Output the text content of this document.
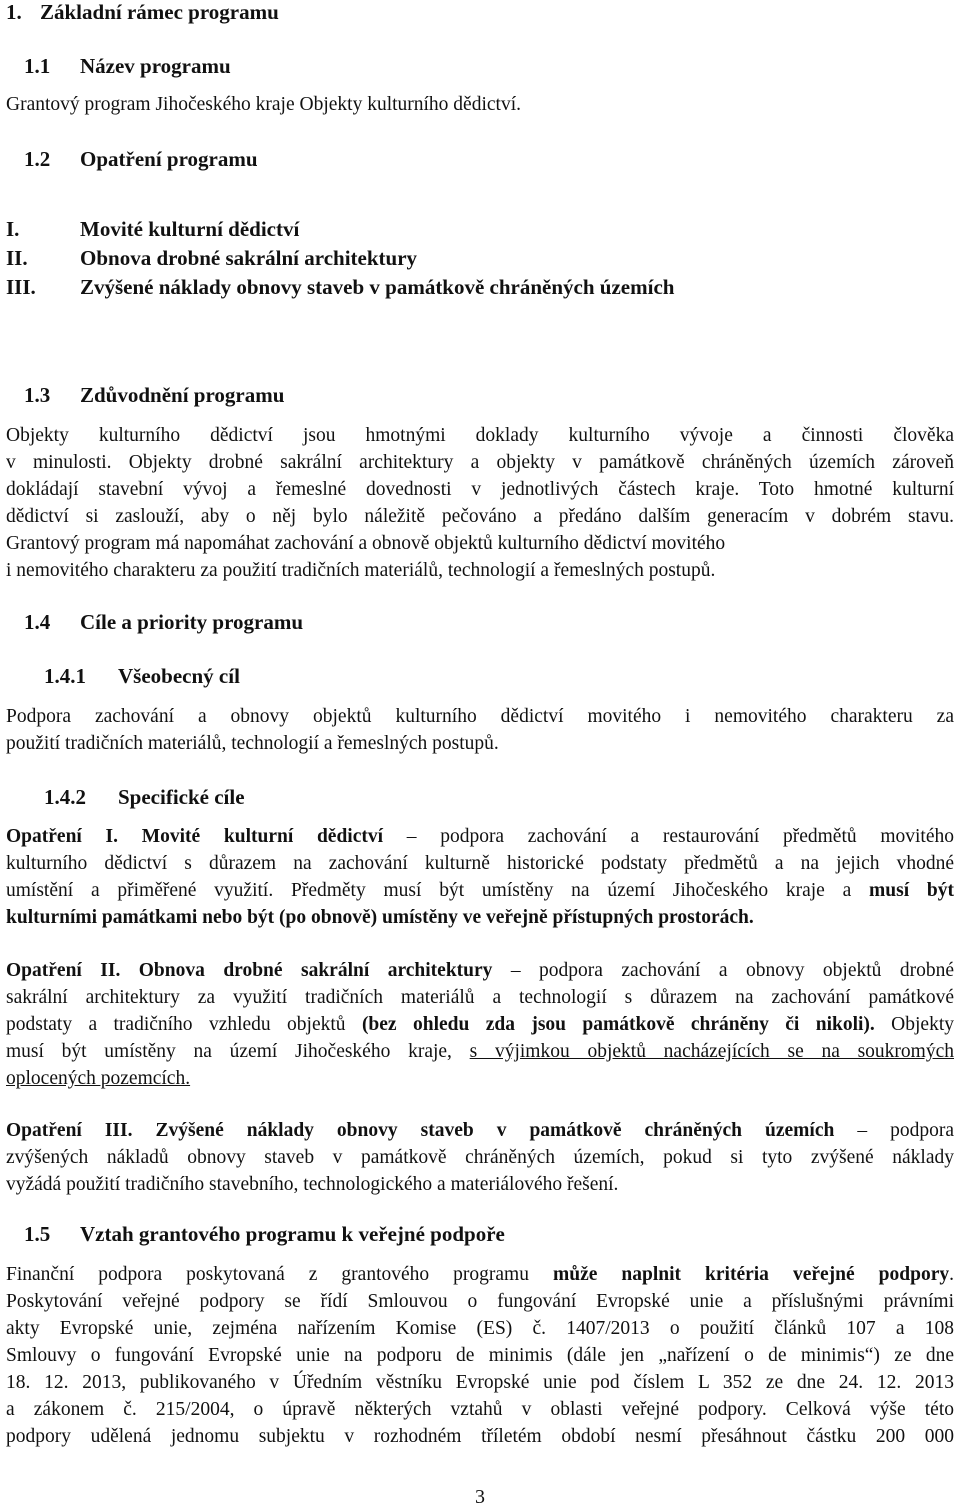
1. Základní rámec programu
1.1 Název programu
Grantový program Jihočeského kraje Objekty kulturního dědictví.
1.2 Opatření programu
I.	Movité kulturní dědictví
II. Obnova drobné sakrální architektury
III. Zvýšené náklady obnovy staveb v památkově chráněných územích
1.3 Zdůvodnění programu
Objekty kulturního dědictví jsou hmotnými doklady kulturního vývoje a činnosti člověka
v minulosti. Objekty drobné sakrální architektury a objekty v památkově chráněných územích zároveň
dokládají stavební vývoj a řemeslné dovednosti v jednotlivých částech kraje. Toto hmotné kulturní
dědictví si zaslouží, aby o něj bylo náležitě pečováno a předáno dalším generacím v dobrém stavu.
Grantový program má napomáhat zachování a obnově objektů kulturního dědictví movitého
i nemovitého charakteru za použití tradičních materiálů, technologií a řemeslných postupů.
1.4 Cíle a priority programu
1.4.1 Všeobecný cíl
Podpora zachování a obnovy objektů kulturního dědictví movitého i nemovitého charakteru za
použití tradičních materiálů, technologií a řemeslných postupů.
1.4.2 Specifické cíle
Opatření I. Movité kulturní dědictví – podpora zachování a restaurování předmětů movitého
kulturního dědictví s důrazem na zachování kulturně historické podstaty předmětů a na jejich vhodné
umístění a přiměřené využití. Předměty musí být umístěny na území Jihočeského kraje a musí být
kulturními památkami nebo být (po obnově) umístěny ve veřejně přístupných prostorách.
Opatření II. Obnova drobné sakrální architektury – podpora zachování a obnovy objektů drobné
sakrální architektury za využití tradičních materiálů a technologií s důrazem na zachování památkové
podstaty a tradičního vzhledu objektů (bez ohledu zda jsou památkově chráněny či nikoli). Objekty
musí být umístěny na území Jihočeského kraje, s výjimkou objektů nacházejících se na soukromých
oplocených pozemcích.
Opatření III. Zvýšené náklady obnovy staveb v památkově chráněných územích – podpora
zvýšených nákladů obnovy staveb v památkově chráněných územích, pokud si tyto zvýšené náklady
vyžádá použití tradičního stavebního, technologického a materiálového řešení.
1.5 Vztah grantového programu k veřejné podpoře
Finanční podpora poskytovaná z grantového programu může naplnit kritéria veřejné podpory.
Poskytování veřejné podpory se řídí Smlouvou o fungování Evropské unie a příslušnými právními
akty Evropské unie, zejména nařízením Komise (ES) č. 1407/2013 o použití článků 107 a 108
Smlouvy o fungování Evropské unie na podporu de minimis (dále jen „nařízení o de minimis“) ze dne
18. 12. 2013, publikovaného v Úředním věstníku Evropské unie pod číslem L 352 ze dne 24. 12. 2013
a zákonem č. 215/2004, o úpravě některých vztahů v oblasti veřejné podpory. Celková výše této
podpory udělená jednomu subjektu v rozhodném tříletém období nesmí přesáhnout částku 200 000
3
